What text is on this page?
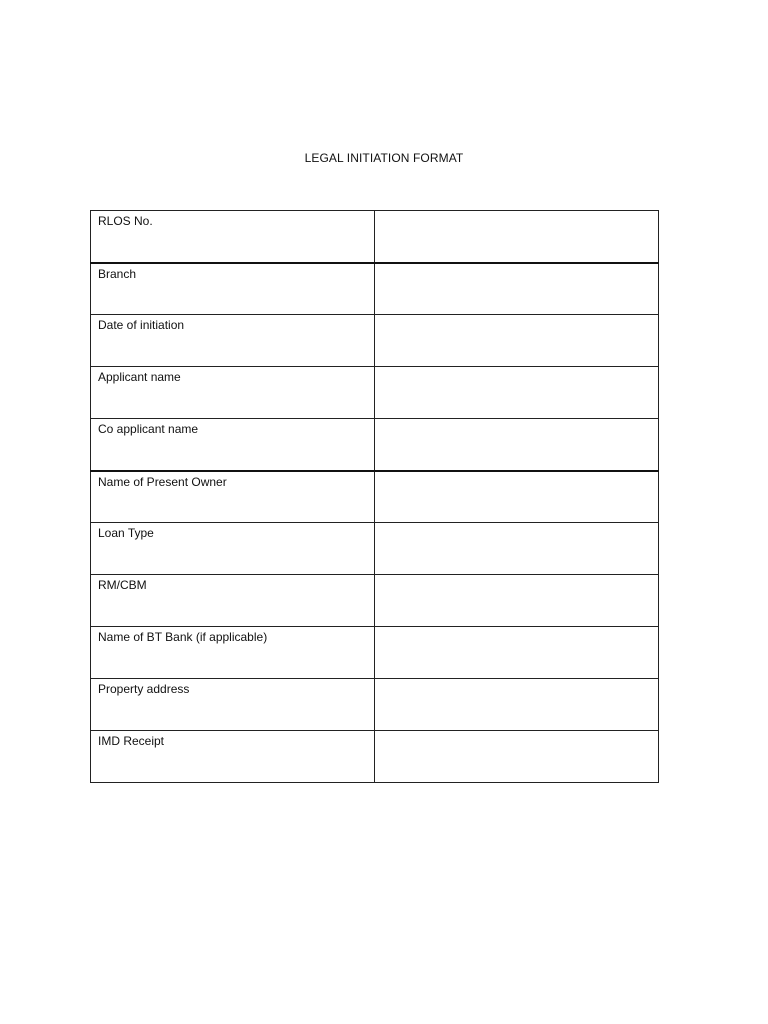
LEGAL INITIATION FORMAT
RLOS No.	
Branch	
Date of initiation	
Applicant name	
Co applicant name	
Name of Present Owner	
Loan Type	
RM/CBM	
Name of BT Bank (if applicable)	
Property address	
IMD Receipt	
